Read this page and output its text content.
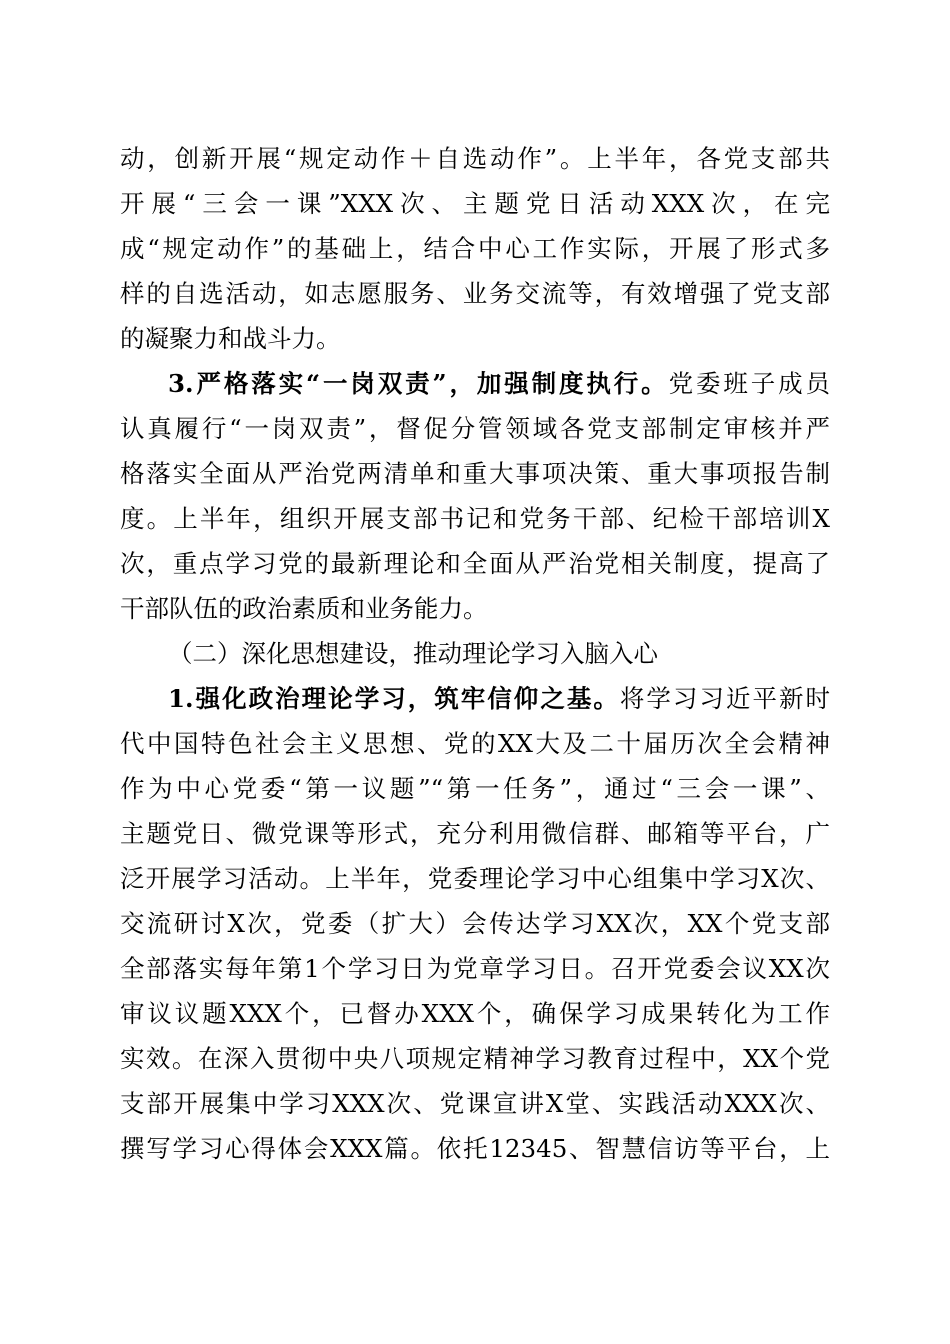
动，创新开展“规定动作＋自选动作”。上半年，各党支部共
开展“三会一课”XXX次、主题党日活动XXX次，在完
成“规定动作”的基础上，结合中心工作实际，开展了形式多
样的自选活动，如志愿服务、业务交流等，有效增强了党支部
的凝聚力和战斗力。
3.严格落实“一岗双责”，加强制度执行。党委班子成员
认真履行“一岗双责”，督促分管领域各党支部制定审核并严
格落实全面从严治党两清单和重大事项决策、重大事项报告制
度。上半年，组织开展支部书记和党务干部、纪检干部培训X
次，重点学习党的最新理论和全面从严治党相关制度，提高了
干部队伍的政治素质和业务能力。
（二）深化思想建设，推动理论学习入脑入心
1.强化政治理论学习，筑牢信仰之基。将学习习近平新时
代中国特色社会主义思想、党的XX大及二十届历次全会精神
作为中心党委“第一议题”“第一任务”，通过“三会一课”、
主题党日、微党课等形式，充分利用微信群、邮箱等平台，广
泛开展学习活动。上半年，党委理论学习中心组集中学习X次、
交流研讨X次，党委（扩大）会传达学习XX次，XX个党支部
全部落实每年第1个学习日为党章学习日。召开党委会议XX次
审议议题XXX个，已督办XXX个，确保学习成果转化为工作
实效。在深入贯彻中央八项规定精神学习教育过程中，XX个党
支部开展集中学习XXX次、党课宣讲X堂、实践活动XXX次、
撰写学习心得体会XXX篇。依托12345、智慧信访等平台，上
